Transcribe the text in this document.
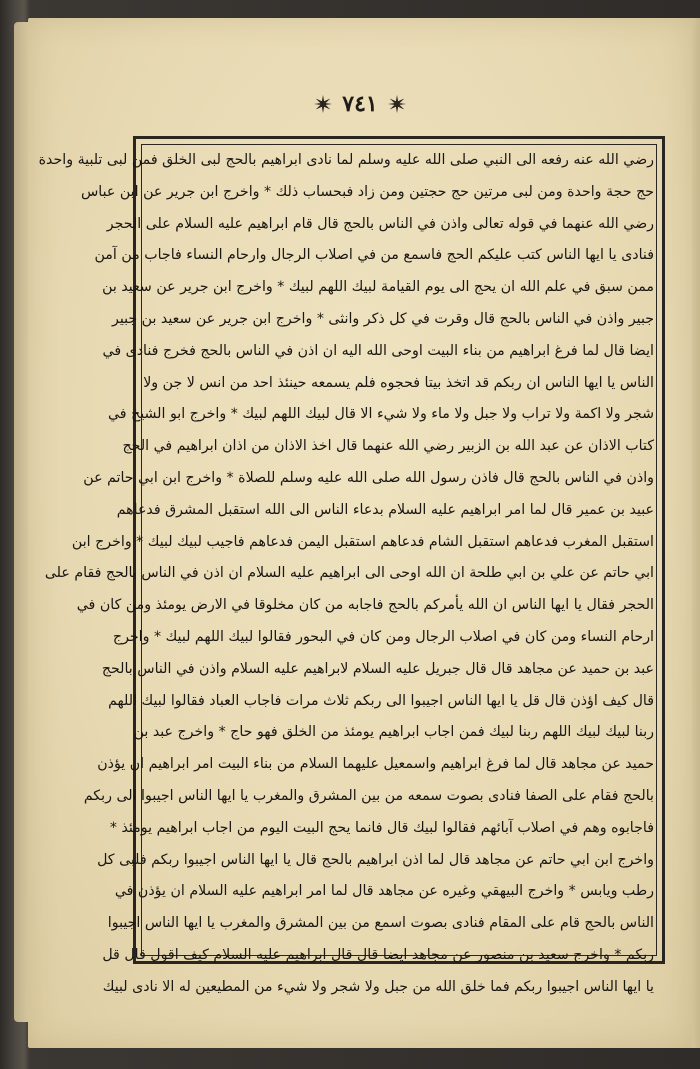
٧٤١
رضي الله عنه رفعه الى النبي صلى الله عليه وسلم لما نادى ابراهيم بالحج لبى الخلق فمن لبى تلبية واحدة
حج حجة واحدة ومن لبى مرتين حج حجتين ومن زاد فبحساب ذلك * واخرج ابن جرير عن ابن عباس
رضي الله عنهما في قوله تعالى واذن في الناس بالحج قال قام ابراهيم عليه السلام على الحجر
فنادى يا ايها الناس كتب عليكم الحج فاسمع من في اصلاب الرجال وارحام النساء فاجاب من آمن
ممن سبق في علم الله ان يحج الى يوم القيامة لبيك اللهم لبيك * واخرج ابن جرير عن سعيد بن
جبير واذن في الناس بالحج قال وقرت في كل ذكر وانثى * واخرج ابن جرير عن سعيد بن جبير
ايضا قال لما فرغ ابراهيم من بناء البيت اوحى الله اليه ان اذن في الناس بالحج فخرج فنادى في
الناس يا ايها الناس ان ربكم قد اتخذ بيتا فحجوه فلم يسمعه حينئذ احد من انس لا جن ولا
شجر ولا اكمة ولا تراب ولا جبل ولا ماء ولا شيء الا قال لبيك اللهم لبيك * واخرج ابو الشيخ في
كتاب الاذان عن عبد الله بن الزبير رضي الله عنهما قال اخذ الاذان من اذان ابراهيم في الحج
واذن في الناس بالحج قال فاذن رسول الله صلى الله عليه وسلم للصلاة * واخرج ابن ابي حاتم عن
عبيد بن عمير قال لما امر ابراهيم عليه السلام بدعاء الناس الى الله استقبل المشرق فدعاهم
استقبل المغرب فدعاهم استقبل الشام فدعاهم استقبل اليمن فدعاهم فاجيب لبيك لبيك * واخرج ابن
ابي حاتم عن علي بن ابي طلحة ان الله اوحى الى ابراهيم عليه السلام ان اذن في الناس بالحج فقام على
الحجر فقال يا ايها الناس ان الله يأمركم بالحج فاجابه من كان مخلوقا في الارض يومئذ ومن كان في
ارحام النساء ومن كان في اصلاب الرجال ومن كان في البحور فقالوا لبيك اللهم لبيك * واخرج
عبد بن حميد عن مجاهد قال قال جبريل عليه السلام لابراهيم عليه السلام واذن في الناس بالحج
قال كيف اؤذن قال قل يا ايها الناس اجيبوا الى ربكم ثلاث مرات فاجاب العباد فقالوا لبيك اللهم
ربنا لبيك لبيك اللهم ربنا لبيك فمن اجاب ابراهيم يومئذ من الخلق فهو حاج * واخرج عبد بن
حميد عن مجاهد قال لما فرغ ابراهيم واسمعيل عليهما السلام من بناء البيت امر ابراهيم ان يؤذن
بالحج فقام على الصفا فنادى بصوت سمعه من بين المشرق والمغرب يا ايها الناس اجيبوا الى ربكم
فاجابوه وهم في اصلاب آبائهم فقالوا لبيك قال فانما يحج البيت اليوم من اجاب ابراهيم يومئذ *
واخرج ابن ابي حاتم عن مجاهد قال لما اذن ابراهيم بالحج قال يا ايها الناس اجيبوا ربكم فلبى كل
رطب ويابس * واخرج البيهقي وغيره عن مجاهد قال لما امر ابراهيم عليه السلام ان يؤذن في
الناس بالحج قام على المقام فنادى بصوت اسمع من بين المشرق والمغرب يا ايها الناس اجيبوا
ربكم * واخرج سعيد بن منصور عن مجاهد ايضا قال قال ابراهيم عليه السلام كيف اقول قال قل
يا ايها الناس اجيبوا ربكم فما خلق الله من جبل ولا شجر ولا شيء من المطيعين له الا نادى لبيك
